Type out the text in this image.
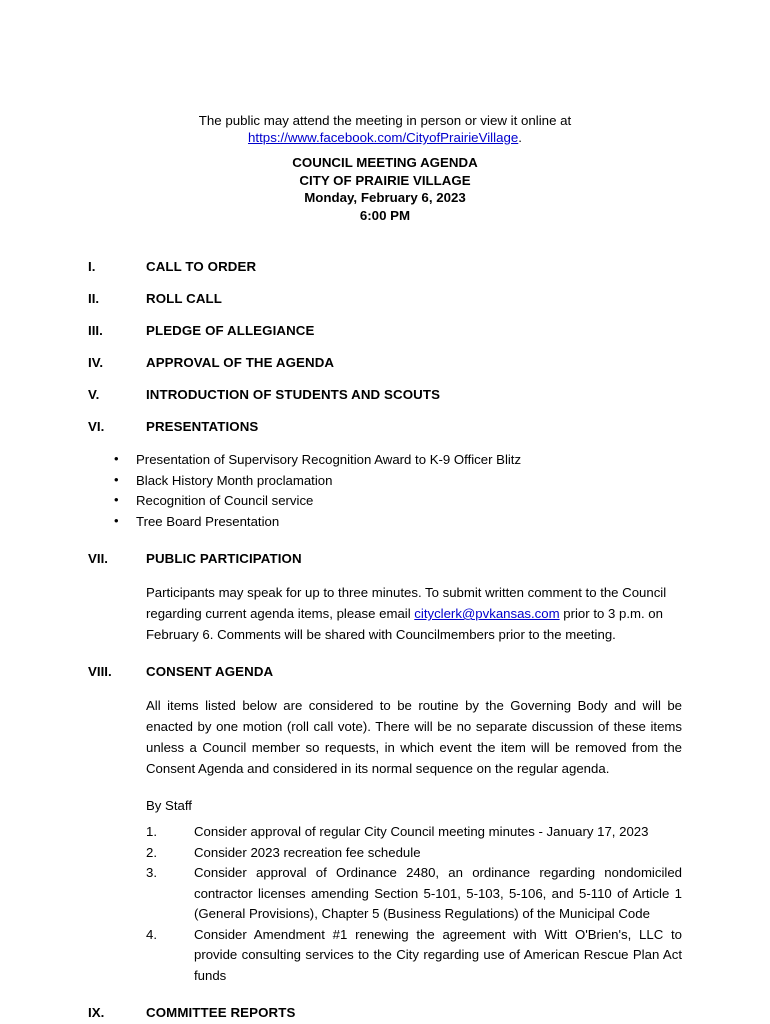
The public may attend the meeting in person or view it online at
https://www.facebook.com/CityofPrairieVillage.
COUNCIL MEETING AGENDA
CITY OF PRAIRIE VILLAGE
Monday, February 6, 2023
6:00 PM
I.	CALL TO ORDER
II.	ROLL CALL
III.	PLEDGE OF ALLEGIANCE
IV.	APPROVAL OF THE AGENDA
V.	INTRODUCTION OF STUDENTS AND SCOUTS
VI.	PRESENTATIONS
• Presentation of Supervisory Recognition Award to K-9 Officer Blitz
• Black History Month proclamation
• Recognition of Council service
• Tree Board Presentation
VII.	PUBLIC PARTICIPATION

Participants may speak for up to three minutes. To submit written comment to the Council regarding current agenda items, please email cityclerk@pvkansas.com prior to 3 p.m. on February 6. Comments will be shared with Councilmembers prior to the meeting.

VIII.	CONSENT AGENDA

All items listed below are considered to be routine by the Governing Body and will be enacted by one motion (roll call vote). There will be no separate discussion of these items unless a Council member so requests, in which event the item will be removed from the Consent Agenda and considered in its normal sequence on the regular agenda.

By Staff

1.	Consider approval of regular City Council meeting minutes - January 17, 2023
2.	Consider 2023 recreation fee schedule
3.	Consider approval of Ordinance 2480, an ordinance regarding nondomiciled contractor licenses amending Section 5-101, 5-103, 5-106, and 5-110 of Article 1 (General Provisions), Chapter 5 (Business Regulations) of the Municipal Code
4.	Consider Amendment #1 renewing the agreement with Witt O'Brien's, LLC to provide consulting services to the City regarding use of American Rescue Plan Act funds
IX.	COMMITTEE REPORTS
